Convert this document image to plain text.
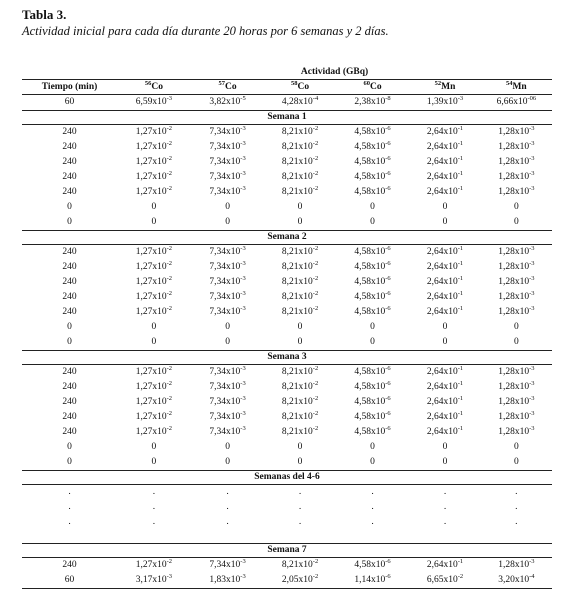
Tabla 3.
Actividad inicial para cada día durante 20 horas por 6 semanas y 2 días.
	Actividad (GBq)					
Tiempo (min)	$^{56}$Co	$^{57}$Co	$^{58}$Co	$^{60}$Co	$^{52}$Mn	$^{54}$Mn
60	$6,59x10^{-3}$	$3,82x10^{-5}$	$4,28x10^{-4}$	$2,38x10^{-8}$	$1,39x10^{-3}$	$6,66x10^{-06}$
Semana 1						
240	$1,27x10^{-2}$	$7,34x10^{-3}$	$8,21x10^{-2}$	$4,58x10^{-6}$	$2,64x10^{-1}$	$1,28x10^{-3}$
240	$1,27x10^{-2}$	$7,34x10^{-3}$	$8,21x10^{-2}$	$4,58x10^{-6}$	$2,64x10^{-1}$	$1,28x10^{-3}$
240	$1,27x10^{-2}$	$7,34x10^{-3}$	$8,21x10^{-2}$	$4,58x10^{-6}$	$2,64x10^{-1}$	$1,28x10^{-3}$
240	$1,27x10^{-2}$	$7,34x10^{-3}$	$8,21x10^{-2}$	$4,58x10^{-6}$	$2,64x10^{-1}$	$1,28x10^{-3}$
240	$1,27x10^{-2}$	$7,34x10^{-3}$	$8,21x10^{-2}$	$4,58x10^{-6}$	$2,64x10^{-1}$	$1,28x10^{-3}$
0	0	0	0	0	0	0
0	0	0	0	0	0	0
Semana 2						
240	$1,27x10^{-2}$	$7,34x10^{-3}$	$8,21x10^{-2}$	$4,58x10^{-6}$	$2,64x10^{-1}$	$1,28x10^{-3}$
240	$1,27x10^{-2}$	$7,34x10^{-3}$	$8,21x10^{-2}$	$4,58x10^{-6}$	$2,64x10^{-1}$	$1,28x10^{-3}$
240	$1,27x10^{-2}$	$7,34x10^{-3}$	$8,21x10^{-2}$	$4,58x10^{-6}$	$2,64x10^{-1}$	$1,28x10^{-3}$
240	$1,27x10^{-2}$	$7,34x10^{-3}$	$8,21x10^{-2}$	$4,58x10^{-6}$	$2,64x10^{-1}$	$1,28x10^{-3}$
240	$1,27x10^{-2}$	$7,34x10^{-3}$	$8,21x10^{-2}$	$4,58x10^{-6}$	$2,64x10^{-1}$	$1,28x10^{-3}$
0	0	0	0	0	0	0
0	0	0	0	0	0	0
Semana 3						
240	$1,27x10^{-2}$	$7,34x10^{-3}$	$8,21x10^{-2}$	$4,58x10^{-6}$	$2,64x10^{-1}$	$1,28x10^{-3}$
240	$1,27x10^{-2}$	$7,34x10^{-3}$	$8,21x10^{-2}$	$4,58x10^{-6}$	$2,64x10^{-1}$	$1,28x10^{-3}$
240	$1,27x10^{-2}$	$7,34x10^{-3}$	$8,21x10^{-2}$	$4,58x10^{-6}$	$2,64x10^{-1}$	$1,28x10^{-3}$
240	$1,27x10^{-2}$	$7,34x10^{-3}$	$8,21x10^{-2}$	$4,58x10^{-6}$	$2,64x10^{-1}$	$1,28x10^{-3}$
240	$1,27x10^{-2}$	$7,34x10^{-3}$	$8,21x10^{-2}$	$4,58x10^{-6}$	$2,64x10^{-1}$	$1,28x10^{-3}$
0	0	0	0	0	0	0
0	0	0	0	0	0	0
Semanas del 4-6						
.	.	.	.	.	.	.
.	.	.	.	.	.	.
.	.	.	.	.	.	.

Semana 7						
240	$1,27x10^{-2}$	$7,34x10^{-3}$	$8,21x10^{-2}$	$4,58x10^{-6}$	$2,64x10^{-1}$	$1,28x10^{-3}$
60	$3,17x10^{-3}$	$1,83x10^{-3}$	$2,05x10^{-2}$	$1,14x10^{-6}$	$6,65x10^{-2}$	$3,20x10^{-4}$
